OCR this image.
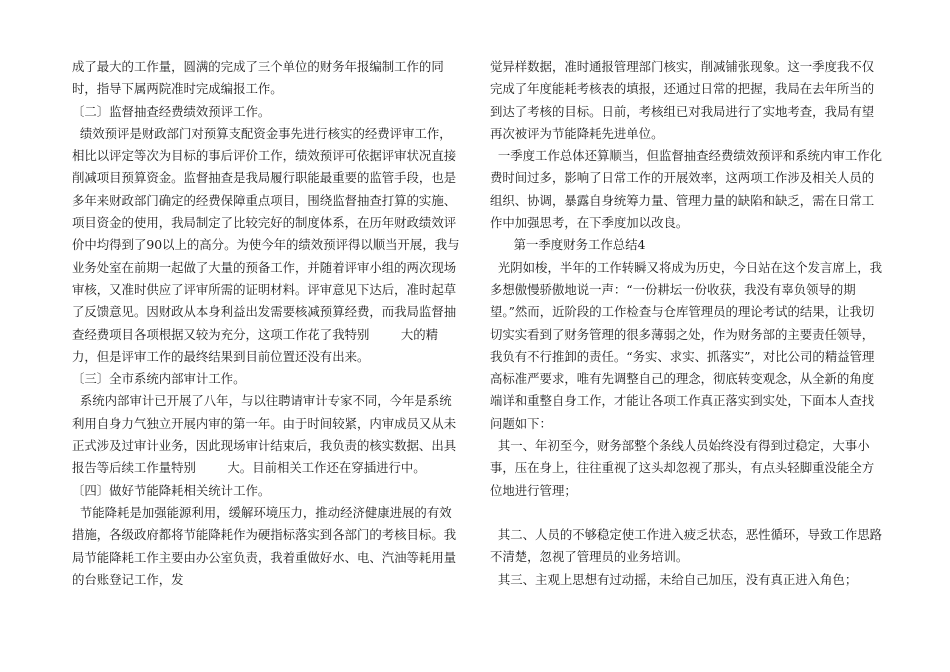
成了最大的工作量，圆满的完成了三个单位的财务年报编制工作的同时，指导下属两院准时完成编报工作。

〔二〕监督抽查经费绩效预评工作。

绩效预评是财政部门对预算支配资金事先进行核实的经费评审工作，相比以评定等次为目标的事后评价工作，绩效预评可依据评审状况直接削减项目预算资金。监督抽查是我局履行职能最重要的监管手段，也是多年来财政部门确定的经费保障重点项目，围绕监督抽查打算的实施、项目资金的使用，我局制定了比较完好的制度体系，在历年财政绩效评价中均得到了90以上的高分。为使今年的绩效预评得以顺当开展，我与业务处室在前期一起做了大量的预备工作，并随着评审小组的两次现场审核，又准时供应了评审所需的证明材料。评审意见下达后，准时起草了反馈意见。因财政从本身利益出发需要核减预算经费，而我局监督抽查经费项目各项根据又较为充分，这项工作花了我特别        大的精力，但是评审工作的最终结果到目前位置还没有出来。

〔三〕全市系统内部审计工作。

系统内部审计已开展了八年，与以往聘请审计专家不同，今年是系统利用自身力气独立开展内审的第一年。由于时间较紧，内审成员又从未正式涉及过审计业务，因此现场审计结束后，我负责的核实数据、出具报告等后续工作量特别        大。目前相关工作还在穿插进行中。

〔四〕做好节能降耗相关统计工作。

节能降耗是加强能源利用，缓解环境压力，推动经济健康进展的有效措施，各级政府都将节能降耗作为硬指标落实到各部门的考核目标。我局节能降耗工作主要由办公室负责，我着重做好水、电、汽油等耗用量的台账登记工作，发

觉异样数据，准时通报管理部门核实，削减铺张现象。这一季度我不仅完成了年度能耗考核表的填报，还通过日常的把握，我局在去年所当的到达了考核的目标。日前，考核组已对我局进行了实地考查，我局有望再次被评为节能降耗先进单位。

一季度工作总体还算顺当，但监督抽查经费绩效预评和系统内审工作化费时间过多，影响了日常工作的开展效率，这两项工作涉及相关人员的组织、协调，暴露自身统筹力量、管理力量的缺陷和缺乏，需在日常工作中加强思考，在下季度加以改良。

第一季度财务工作总结4

光阴如梭，半年的工作转瞬又将成为历史，今日站在这个发言席上，我多想傲慢骄傲地说一声：“一份耕坛一份收获，我没有辜负领导的期望。”然而，近阶段的工作检查与仓库管理员的理论考试的结果，让我切切实实看到了财务管理的很多薄弱之处，作为财务部的主要责任领导，我负有不行推卸的责任。“务实、求实、抓落实”，对比公司的精益管理高标准严要求，唯有先调整自己的理念，彻底转变观念，从全新的角度端详和重整自身工作，才能让各项工作真正落实到实处，下面本人查找问题如下：

其一、年初至今，财务部整个条线人员始终没有得到过稳定，大事小事，压在身上，往往重视了这头却忽视了那头，有点头轻脚重没能全方位地进行管理；

其二、人员的不够稳定使工作进入疲乏状态，恶性循环，导致工作思路不清楚，忽视了管理员的业务培训。

其三、主观上思想有过动摇，未给自己加压，没有真正进入角色；
